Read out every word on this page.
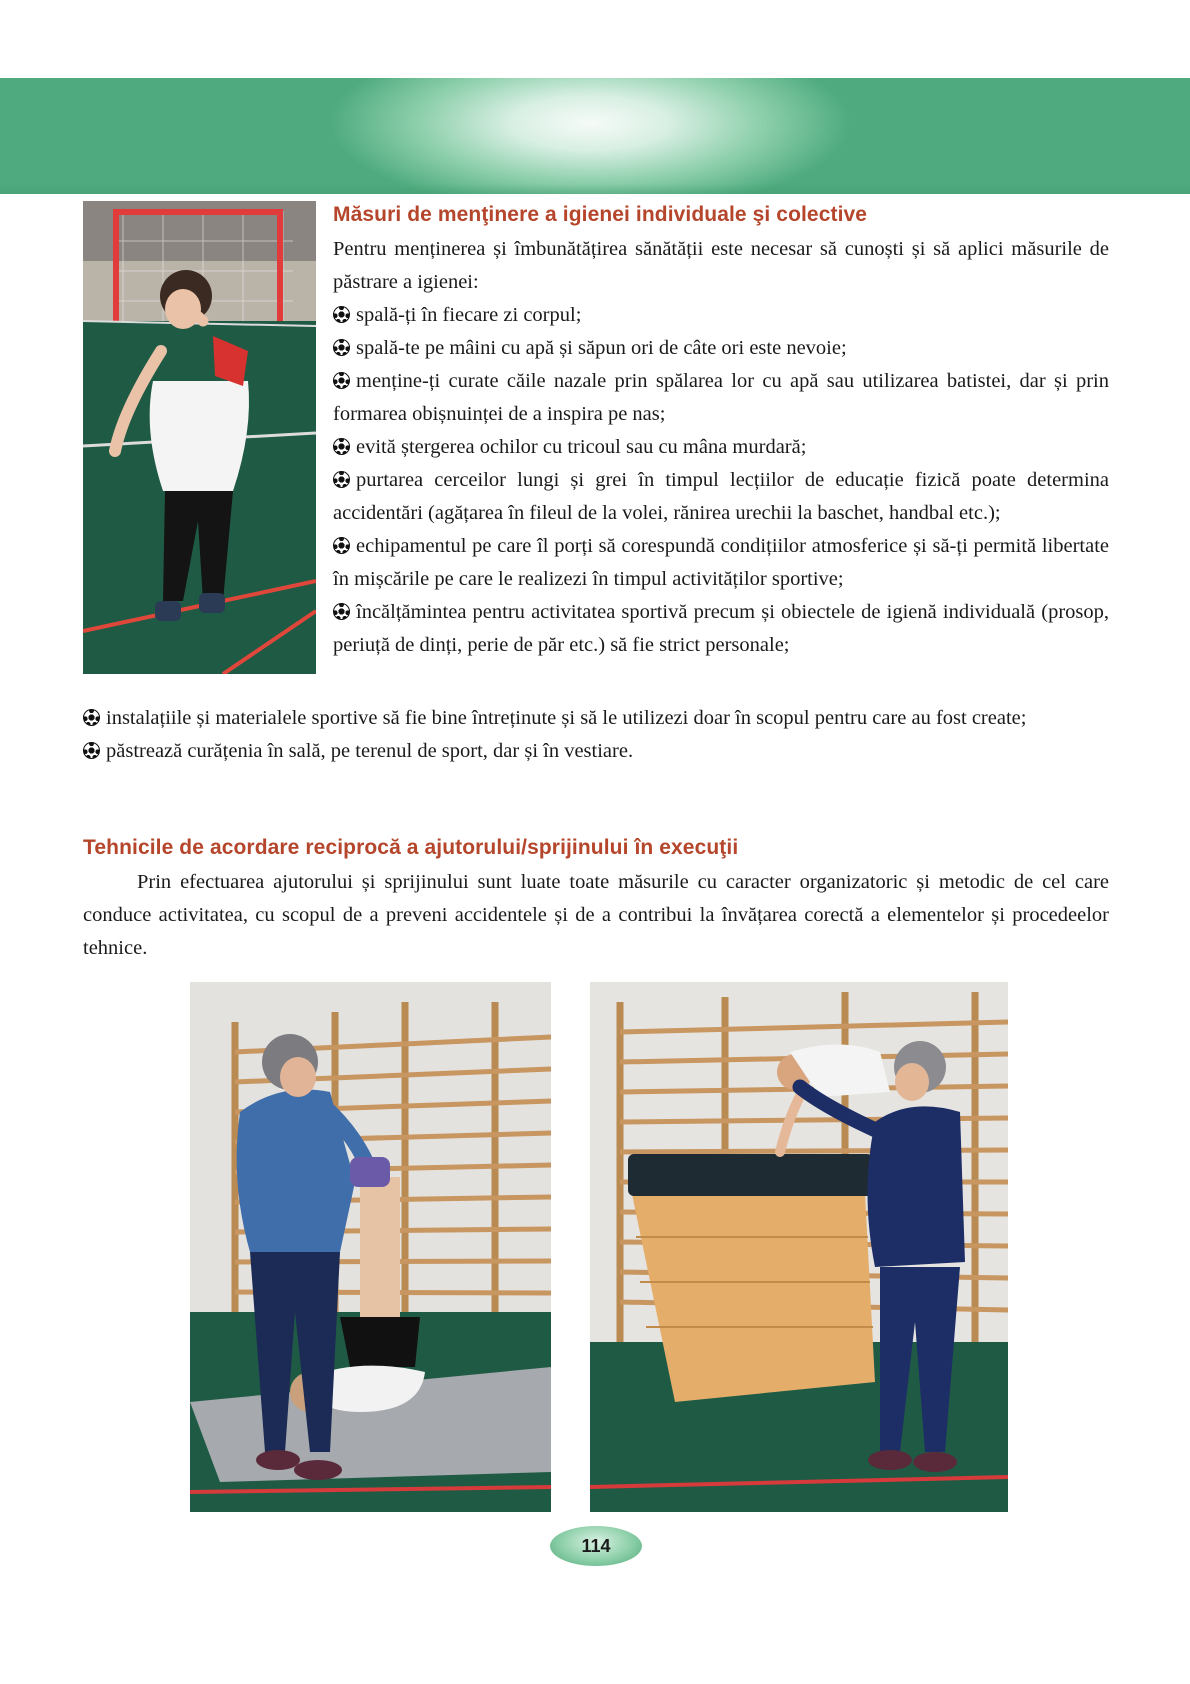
Măsuri de menţinere a igienei individuale şi colective

Pentru menținerea și îmbunătățirea sănătății este necesar să cunoști și să aplici măsurile de păstrare a igienei:

spală-ți în fiecare zi corpul;

spală-te pe mâini cu apă și săpun ori de câte ori este nevoie;

menține-ți curate căile nazale prin spălarea lor cu apă sau utilizarea batistei, dar și prin formarea obișnuinței de a inspira pe nas;

evită ștergerea ochilor cu tricoul sau cu mâna murdară;

purtarea cerceilor lungi și grei în timpul lecțiilor de educație fizică poate determina accidentări (agățarea în fileul de la volei, rănirea urechii la baschet, handbal etc.);

echipamentul pe care îl porți să corespundă condițiilor atmosferice și să-ți permită libertate în mișcările pe care le realizezi în timpul activităților sportive;

încălțămintea pentru activitatea sportivă precum și obiectele de igienă individuală (prosop, periuță de dinți, perie de păr etc.) să fie strict personale;

instalațiile și materialele sportive să fie bine întreținute și să le utilizezi doar în scopul pentru care au fost create;

păstrează curățenia în sală, pe terenul de sport, dar și în vestiare.

Tehnicile de acordare reciprocă a ajutorului/sprijinului în execuţii

Prin efectuarea ajutorului și sprijinului sunt luate toate măsurile cu caracter organizatoric și metodic de cel care conduce activitatea, cu scopul de a preveni accidentele și de a contribui la învățarea corectă a elementelor și procedeelor tehnice.

114
